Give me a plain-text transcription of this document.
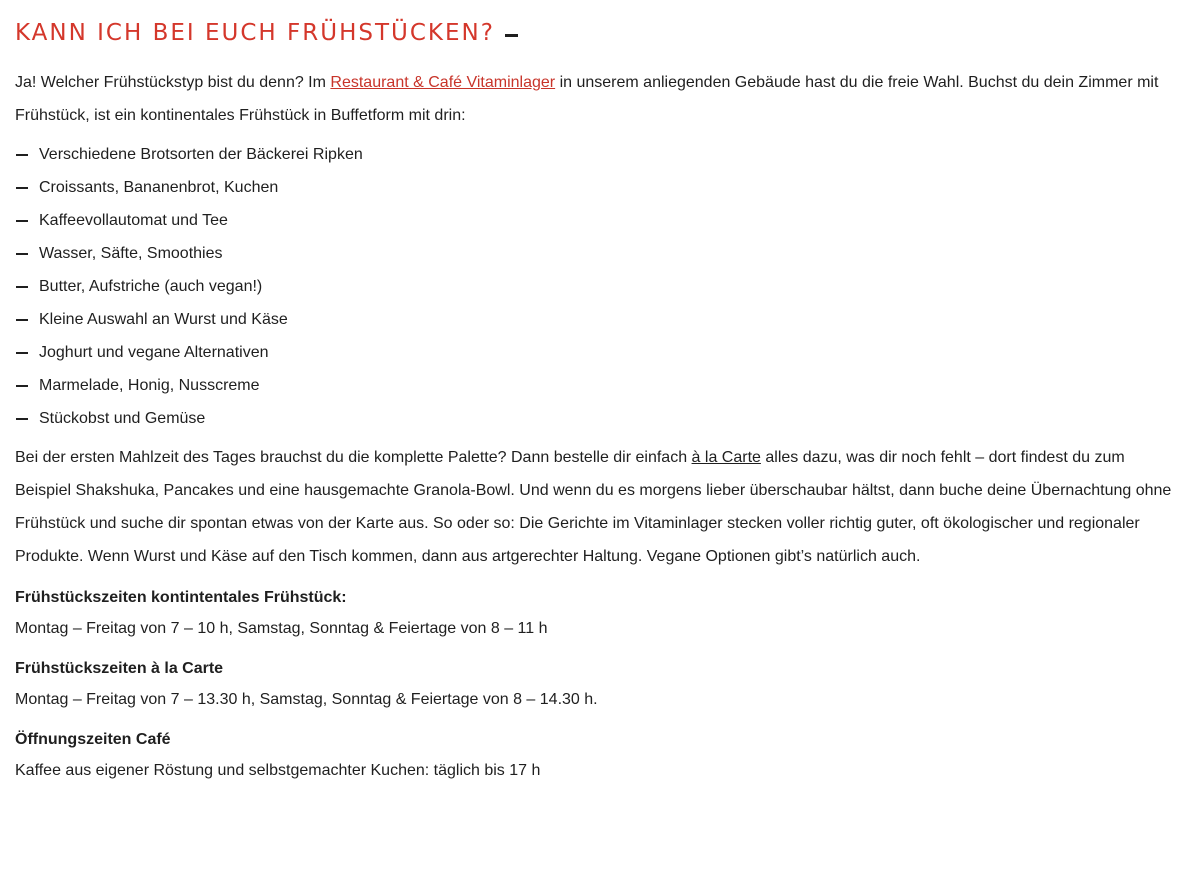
KANN ICH BEI EUCH FRÜHSTÜCKEN?

Ja! Welcher Frühstückstyp bist du denn? Im Restaurant & Café Vitaminlager in unserem anliegenden Gebäude hast du die freie Wahl. Buchst du dein Zimmer mit Frühstück, ist ein kontinentales Frühstück in Buffetform mit drin:

Verschiedene Brotsorten der Bäckerei Ripken
Croissants, Bananenbrot, Kuchen
Kaffeevollautomat und Tee
Wasser, Säfte, Smoothies
Butter, Aufstriche (auch vegan!)
Kleine Auswahl an Wurst und Käse
Joghurt und vegane Alternativen
Marmelade, Honig, Nusscreme
Stückobst und Gemüse

Bei der ersten Mahlzeit des Tages brauchst du die komplette Palette? Dann bestelle dir einfach à la Carte alles dazu, was dir noch fehlt – dort findest du zum Beispiel Shakshuka, Pancakes und eine hausgemachte Granola-Bowl. Und wenn du es morgens lieber überschaubar hältst, dann buche deine Übernachtung ohne Frühstück und suche dir spontan etwas von der Karte aus. So oder so: Die Gerichte im Vitaminlager stecken voller richtig guter, oft ökologischer und regionaler Produkte. Wenn Wurst und Käse auf den Tisch kommen, dann aus artgerechter Haltung. Vegane Optionen gibt’s natürlich auch.

Frühstückszeiten kontintentales Frühstück:
Montag – Freitag von 7 – 10 h, Samstag, Sonntag & Feiertage von 8 – 11 h
Frühstückszeiten à la Carte
Montag – Freitag von 7 – 13.30 h, Samstag, Sonntag & Feiertage von 8 – 14.30 h.
Öffnungszeiten Café
Kaffee aus eigener Röstung und selbstgemachter Kuchen: täglich bis 17 h
